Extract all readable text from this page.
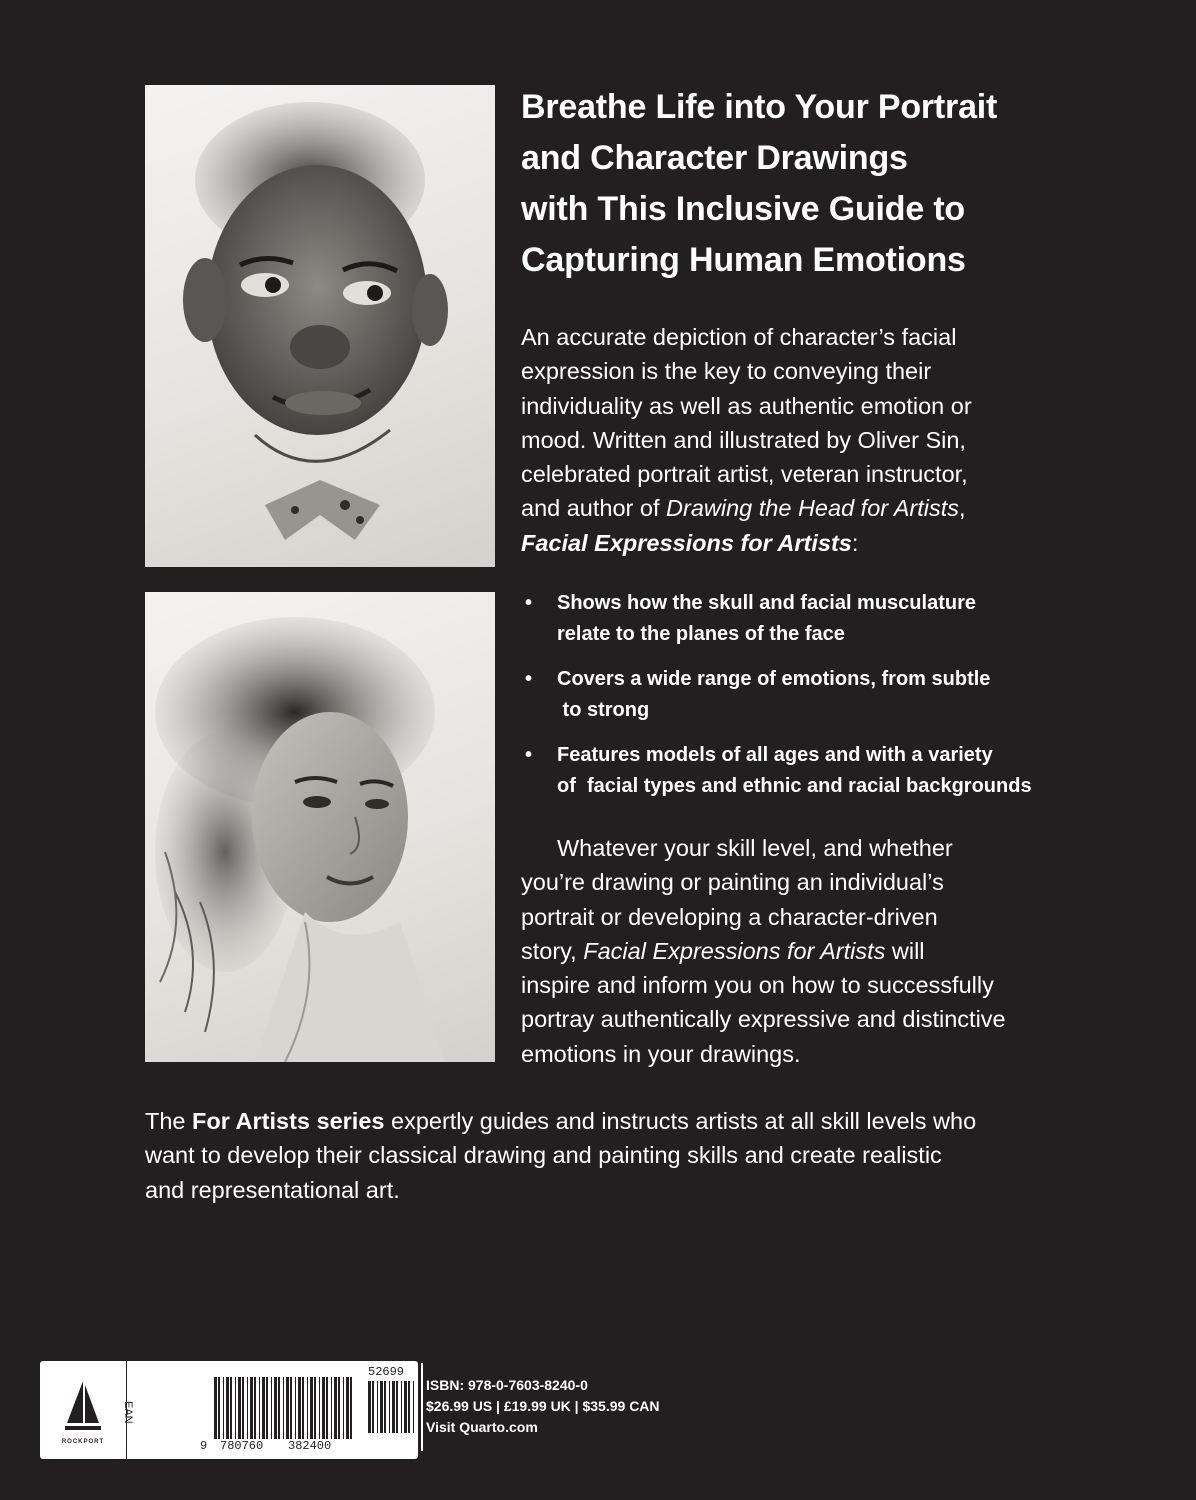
Breathe Life into Your Portrait
and Character Drawings
with This Inclusive Guide to
Capturing Human Emotions

An accurate depiction of character’s facial
expression is the key to conveying their
individuality as well as authentic emotion or
mood. Written and illustrated by Oliver Sin,
celebrated portrait artist, veteran instructor,
and author of Drawing the Head for Artists,
Facial Expressions for Artists:

• Shows how the skull and facial musculature
relate to the planes of the face
• Covers a wide range of emotions, from subtle
to strong
• Features models of all ages and with a variety
of  facial types and ethnic and racial backgrounds

Whatever your skill level, and whether
you’re drawing or painting an individual’s
portrait or developing a character-driven
story, Facial Expressions for Artists will
inspire and inform you on how to successfully
portray authentically expressive and distinctive
emotions in your drawings.

The For Artists series expertly guides and instructs artists at all skill levels who
want to develop their classical drawing and painting skills and create realistic
and representational art.

ROCKPORT
EAN
52699
9 780760 382400
ISBN: 978-0-7603-8240-0
$26.99 US | £19.99 UK | $35.99 CAN
Visit Quarto.com
